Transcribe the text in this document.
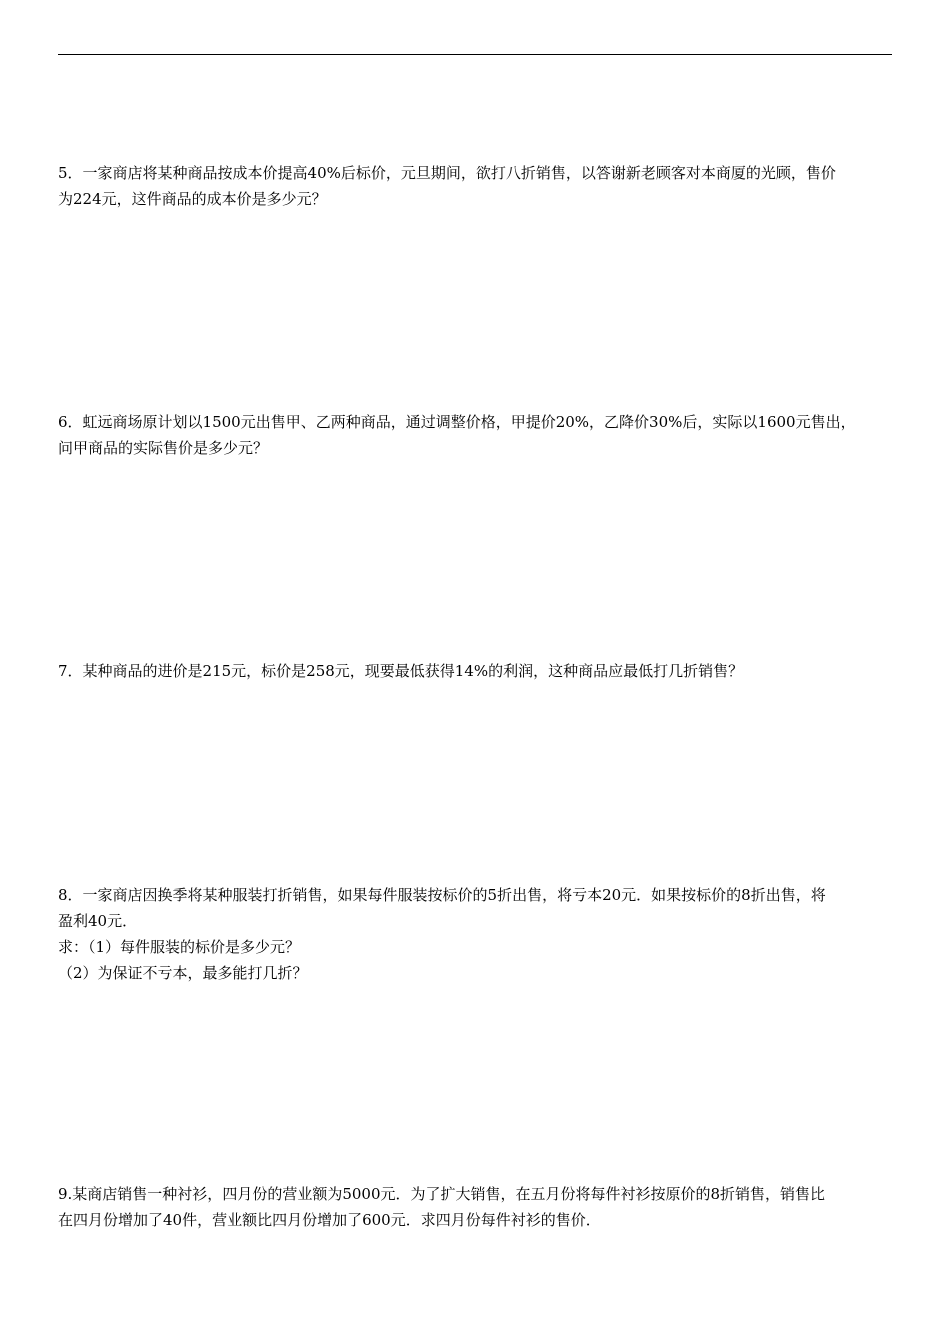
5．一家商店将某种商品按成本价提高40%后标价，元旦期间，欲打八折销售，以答谢新老顾客对本商厦的光顾，售价
为224元，这件商品的成本价是多少元？
6．虹远商场原计划以1500元出售甲、乙两种商品，通过调整价格，甲提价20%，乙降价30%后，实际以1600元售出，
问甲商品的实际售价是多少元？
7．某种商品的进价是215元，标价是258元，现要最低获得14%的利润，这种商品应最低打几折销售？
8．一家商店因换季将某种服装打折销售，如果每件服装按标价的5折出售，将亏本20元．如果按标价的8折出售，将
盈利40元．
求：（1）每件服装的标价是多少元？
（2）为保证不亏本，最多能打几折？
9.某商店销售一种衬衫，四月份的营业额为5000元．为了扩大销售，在五月份将每件衬衫按原价的8折销售，销售比
在四月份增加了40件，营业额比四月份增加了600元．求四月份每件衬衫的售价．
